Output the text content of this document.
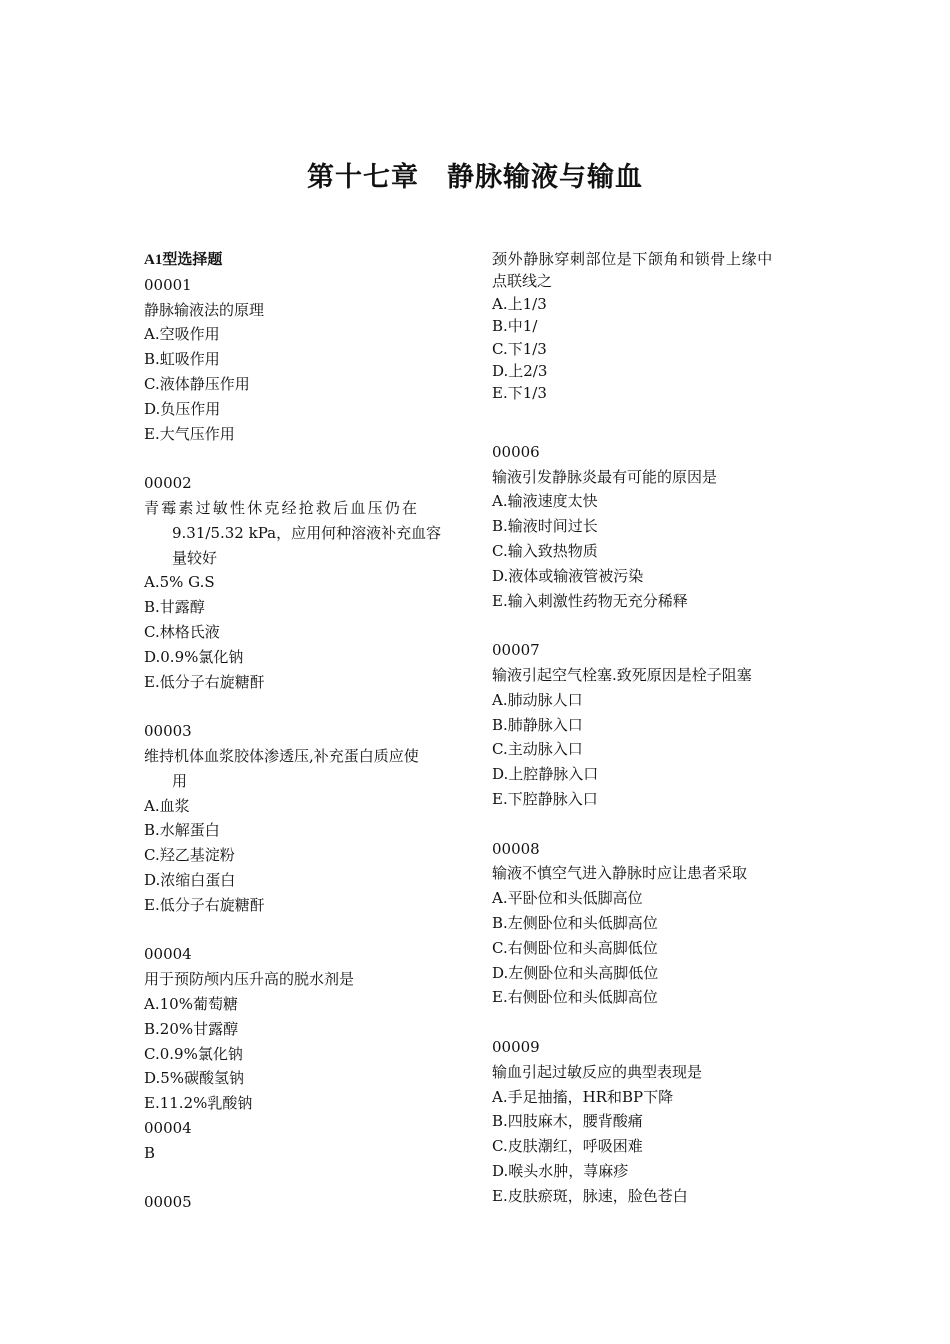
第十七章　静脉输液与输血
A1型选择题
00001
静脉输液法的原理
A.空吸作用
B.虹吸作用
C.液体静压作用
D.负压作用
E.大气压作用
00002
青霉素过敏性休克经抢救后血压仍在
9.31/5.32 kPa，应用何种溶液补充血容
量较好
A.5% G.S
B.甘露醇
C.林格氏液
D.0.9%氯化钠
E.低分子右旋糖酐
00003
维持机体血浆胶体渗透压,补充蛋白质应使
用
A.血浆
B.水解蛋白
C.羟乙基淀粉
D.浓缩白蛋白
E.低分子右旋糖酐
00004
用于预防颅内压升高的脱水剂是
A.10%葡萄糖
B.20%甘露醇
C.0.9%氯化钠
D.5%碳酸氢钠
E.11.2%乳酸钠
00004
B
00005
颈外静脉穿刺部位是下颌角和锁骨上缘中
点联线之
A.上1/3
B.中1/
C.下1/3
D.上2/3
E.下1/3
00006
输液引发静脉炎最有可能的原因是
A.输液速度太快
B.输液时间过长
C.输入致热物质
D.液体或输液管被污染
E.输入刺激性药物无充分稀释
00007
输液引起空气栓塞.致死原因是栓子阻塞
A.肺动脉人口
B.肺静脉入口
C.主动脉入口
D.上腔静脉入口
E.下腔静脉入口
00008
输液不慎空气进入静脉时应让患者采取
A.平卧位和头低脚高位
B.左侧卧位和头低脚高位
C.右侧卧位和头高脚低位
D.左侧卧位和头高脚低位
E.右侧卧位和头低脚高位
00009
输血引起过敏反应的典型表现是
A.手足抽搐，HR和BP下降
B.四肢麻木，腰背酸痛
C.皮肤潮红，呼吸困难
D.喉头水肿，荨麻疹
E.皮肤瘀斑，脉速，脸色苍白
